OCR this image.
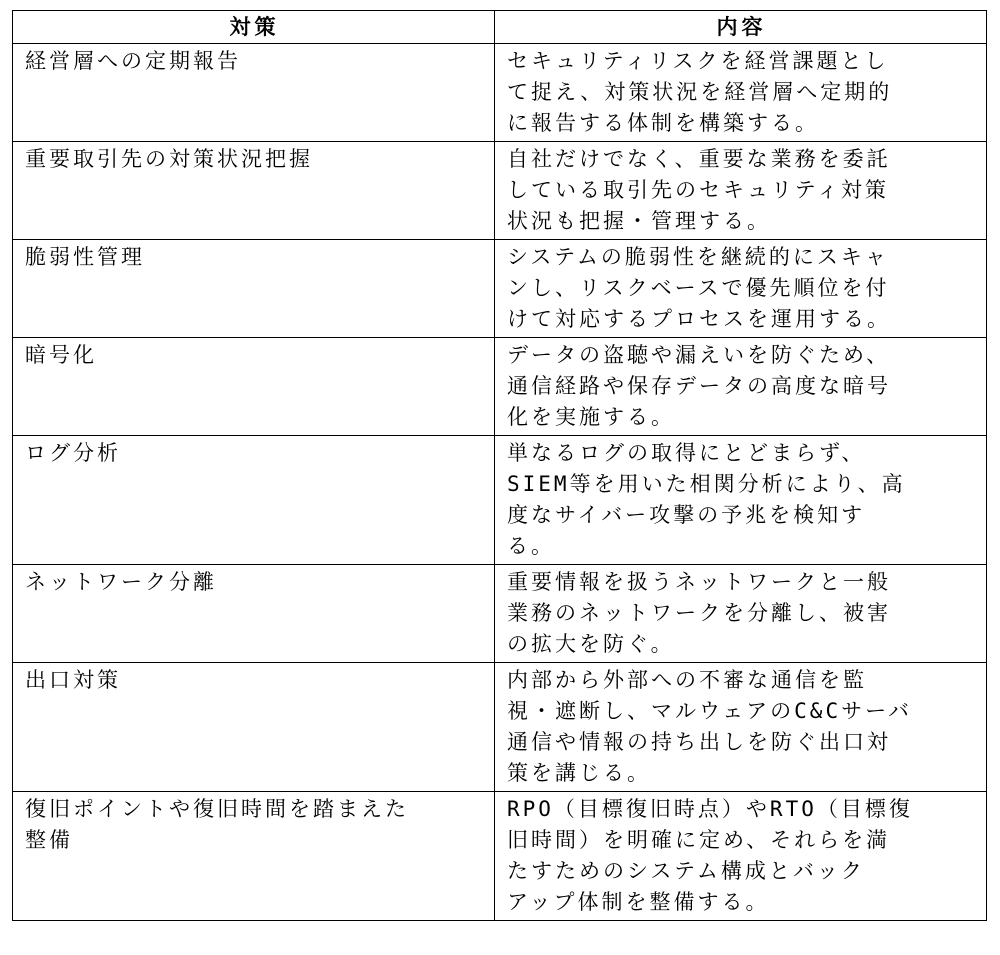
対策	内容
経営層への定期報告	セキュリティリスクを経営課題とし
て捉え、対策状況を経営層へ定期的
に報告する体制を構築する。
重要取引先の対策状況把握	自社だけでなく、重要な業務を委託
している取引先のセキュリティ対策
状況も把握・管理する。
脆弱性管理	システムの脆弱性を継続的にスキャ
ンし、リスクベースで優先順位を付
けて対応するプロセスを運用する。
暗号化	データの盗聴や漏えいを防ぐため、
通信経路や保存データの高度な暗号
化を実施する。
ログ分析	単なるログの取得にとどまらず、
SIEM等を用いた相関分析により、高
度なサイバー攻撃の予兆を検知す
る。
ネットワーク分離	重要情報を扱うネットワークと一般
業務のネットワークを分離し、被害
の拡大を防ぐ。
出口対策	内部から外部への不審な通信を監
視・遮断し、マルウェアのC&Cサーバ
通信や情報の持ち出しを防ぐ出口対
策を講じる。
復旧ポイントや復旧時間を踏まえた
整備	RPO（目標復旧時点）やRTO（目標復
旧時間）を明確に定め、それらを満
たすためのシステム構成とバック
アップ体制を整備する。
